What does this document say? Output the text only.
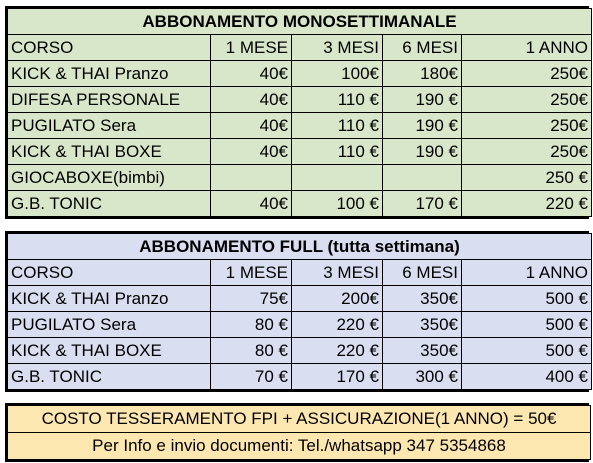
ABBONAMENTO MONOSETTIMANALE				
CORSO	1 MESE	3 MESI	6 MESI	1 ANNO
KICK & THAI Pranzo	40€	100€	180€	250€
DIFESA PERSONALE	40€	110 €	190 €	250€
PUGILATO Sera	40€	110 €	190 €	250€
KICK & THAI BOXE	40€	110 €	190 €	250€
GIOCABOXE(bimbi)				250 €
G.B. TONIC	40€	100 €	170 €	220 €
ABBONAMENTO FULL (tutta settimana)				
CORSO	1 MESE	3 MESI	6 MESI	1 ANNO
KICK & THAI Pranzo	75€	200€	350€	500 €
PUGILATO Sera	80 €	220 €	350€	500 €
KICK & THAI BOXE	80 €	220 €	350€	500 €
G.B. TONIC	70 €	170 €	300 €	400 €
COSTO TESSERAMENTO FPI + ASSICURAZIONE(1 ANNO) = 50€
Per Info e invio documenti: Tel./whatsapp 347 5354868
